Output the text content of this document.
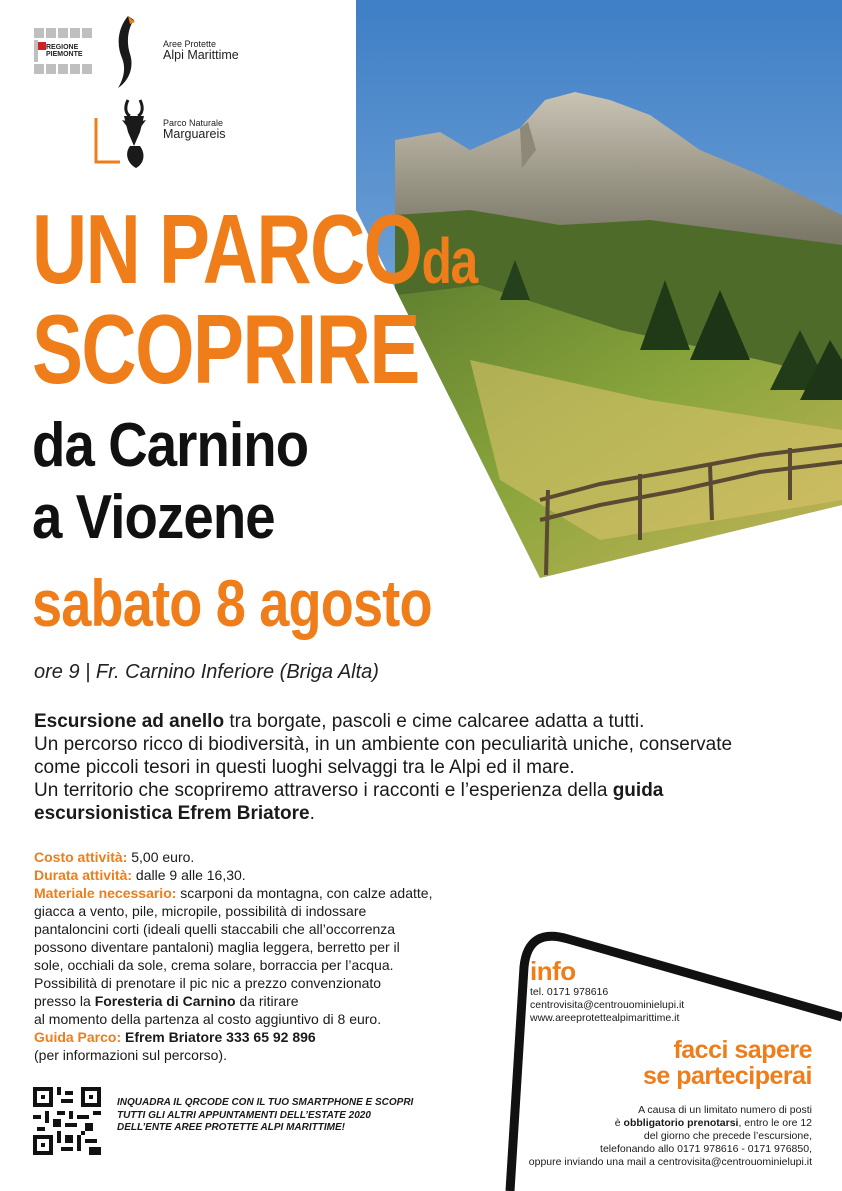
REGIONE
PIEMONTE
Aree Protette
Alpi Marittime
Parco Naturale
Marguareis
UN PARCOda
SCOPRIRE
da Carnino
a Viozene
sabato 8 agosto
ore 9 | Fr. Carnino Inferiore (Briga Alta)
Escursione ad anello tra borgate, pascoli e cime calcaree adatta a tutti.
Un percorso ricco di biodiversità, in un ambiente con peculiarità uniche, conservate
come piccoli tesori in questi luoghi selvaggi tra le Alpi ed il mare.
Un territorio che scopriremo attraverso i racconti e l’esperienza della guida
escursionistica Efrem Briatore.
Costo attività: 5,00 euro.
Durata attività: dalle 9 alle 16,30.
Materiale necessario: scarponi da montagna, con calze adatte,
giacca a vento, pile, micropile, possibilità di indossare
pantaloncini corti (ideali quelli staccabili che all’occorrenza
possono diventare pantaloni) maglia leggera, berretto per il
sole, occhiali da sole, crema solare, borraccia per l’acqua.
Possibilità di prenotare il pic nic a prezzo convenzionato
presso la Foresteria di Carnino da ritirare
al momento della partenza al costo aggiuntivo di 8 euro.
Guida Parco: Efrem Briatore 333 65 92 896
(per informazioni sul percorso).
INQUADRA IL QRCODE CON IL TUO SMARTPHONE E SCOPRI
TUTTI GLI ALTRI APPUNTAMENTI DELL’ESTATE 2020
DELL’ENTE AREE PROTETTE ALPI MARITTIME!
info
tel. 0171 978616
centrovisita@centrouominielupi.it
www.areeprotettealpimarittime.it
facci sapere
se parteciperai
A causa di un limitato numero di posti
è obbligatorio prenotarsi, entro le ore 12
del giorno che precede l’escursione,
telefonando allo 0171 978616 - 0171 976850,
oppure inviando una mail a centrovisita@centrouominielupi.it
